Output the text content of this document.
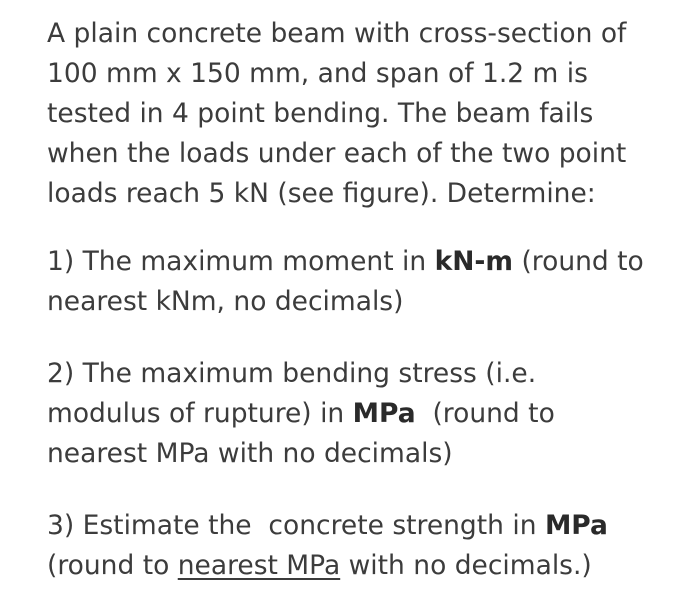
A plain concrete beam with cross-section of
100 mm x 150 mm, and span of 1.2 m is
tested in 4 point bending. The beam fails
when the loads under each of the two point
loads reach 5 kN (see figure). Determine:

1) The maximum moment in kN-m (round to
nearest kNm, no decimals)

2) The maximum bending stress (i.e.
modulus of rupture) in MPa  (round to
nearest MPa with no decimals)

3) Estimate the  concrete strength in MPa
(round to nearest MPa with no decimals.)
